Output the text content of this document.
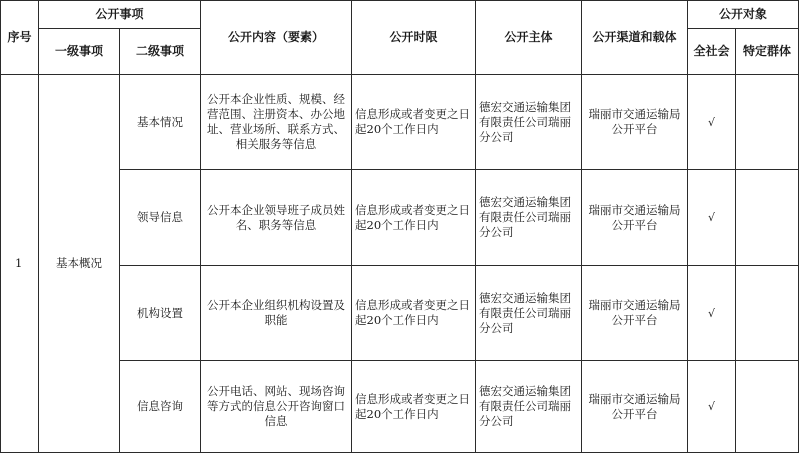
序号	公开事项		公开内容（要素）	公开时限	公开主体	公开渠道和载体	公开对象	
	一级事项	二级事项					全社会	特定群体
1	基本概况	基本情况	公开本企业性质、规模、经营范围、注册资本、办公地址、营业场所、联系方式、相关服务等信息	信息形成或者变更之日起20个工作日内	德宏交通运输集团有限责任公司瑞丽分公司	瑞丽市交通运输局公开平台	√	
		领导信息	公开本企业领导班子成员姓名、职务等信息	信息形成或者变更之日起20个工作日内	德宏交通运输集团有限责任公司瑞丽分公司	瑞丽市交通运输局公开平台	√	
		机构设置	公开本企业组织机构设置及职能	信息形成或者变更之日起20个工作日内	德宏交通运输集团有限责任公司瑞丽分公司	瑞丽市交通运输局公开平台	√	
		信息咨询	公开电话、网站、现场咨询等方式的信息公开咨询窗口信息	信息形成或者变更之日起20个工作日内	德宏交通运输集团有限责任公司瑞丽分公司	瑞丽市交通运输局公开平台	√	
